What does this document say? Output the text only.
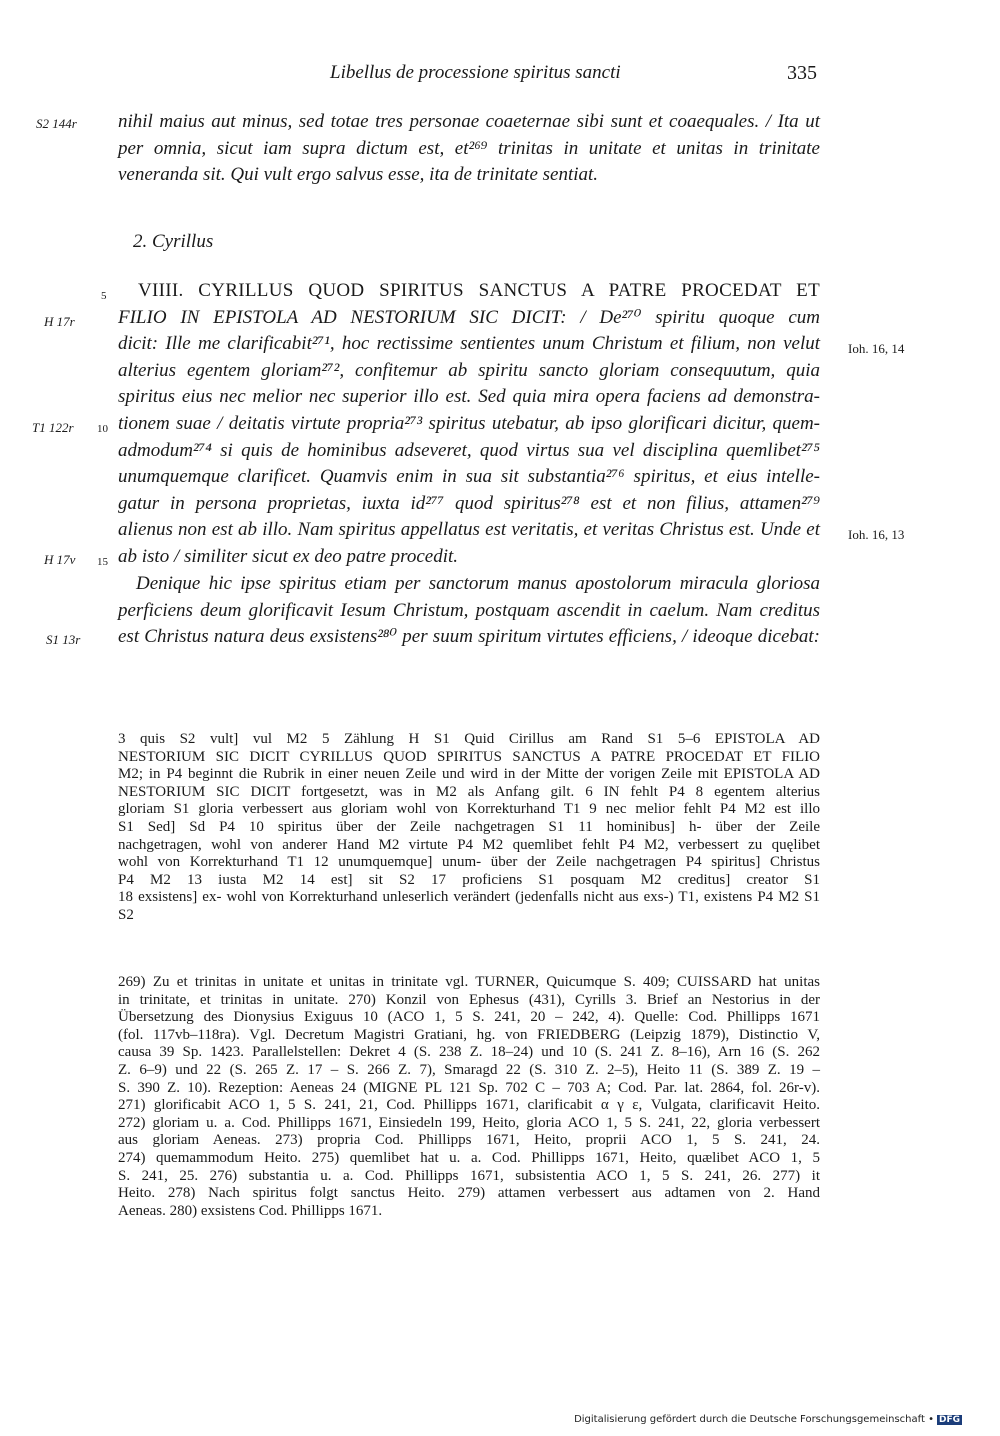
Libellus de processione spiritus sancti	335
S2 144r
H 17r
T1 122r
H 17v
S1 13r
5
10
15
Ioh. 16, 14
Ioh. 16, 13
nihil maius aut minus, sed totae tres personae coaeternae sibi sunt et coaequales. / Ita ut
per omnia, sicut iam supra dictum est, et²⁶⁹ trinitas in unitate et unitas in trinitate
veneranda sit. Qui vult ergo salvus esse, ita de trinitate sentiat.
2. Cyrillus
VIIII. CYRILLUS QUOD SPIRITUS SANCTUS A PATRE PROCEDAT ET
FILIO IN EPISTOLA AD NESTORIUM SIC DICIT: / De²⁷⁰ spiritu quoque cum
dicit: Ille me clarificabit²⁷¹, hoc rectissime sentientes unum Christum et filium, non velut
alterius egentem gloriam²⁷², confitemur ab spiritu sancto gloriam consequutum, quia
spiritus eius nec melior nec superior illo est. Sed quia mira opera faciens ad demonstra-
tionem suae / deitatis virtute propria²⁷³ spiritus utebatur, ab ipso glorificari dicitur, quem-
admodum²⁷⁴ si quis de hominibus adseveret, quod virtus sua vel disciplina quemlibet²⁷⁵
unumquemque clarificet. Quamvis enim in sua sit substantia²⁷⁶ spiritus, et eius intelle-
gatur in persona proprietas, iuxta id²⁷⁷ quod spiritus²⁷⁸ est et non filius, attamen²⁷⁹
alienus non est ab illo. Nam spiritus appellatus est veritatis, et veritas Christus est. Unde et
ab isto / similiter sicut ex deo patre procedit.
Denique hic ipse spiritus etiam per sanctorum manus apostolorum miracula gloriosa
perficiens deum glorificavit Iesum Christum, postquam ascendit in caelum. Nam creditus
est Christus natura deus exsistens²⁸⁰ per suum spiritum virtutes efficiens, / ideoque dicebat:
3 quis S2 vult] vul M2 5 Zählung H S1 Quid Cirillus am Rand S1 5–6 EPISTOLA AD
NESTORIUM SIC DICIT CYRILLUS QUOD SPIRITUS SANCTUS A PATRE PROCEDAT ET FILIO
M2; in P4 beginnt die Rubrik in einer neuen Zeile und wird in der Mitte der vorigen Zeile mit EPISTOLA AD
NESTORIUM SIC DICIT fortgesetzt, was in M2 als Anfang gilt. 6 IN fehlt P4 8 egentem alterius
gloriam S1 gloria verbessert aus gloriam wohl von Korrekturhand T1 9 nec melior fehlt P4 M2 est illo
S1 Sed] Sd P4 10 spiritus über der Zeile nachgetragen S1 11 hominibus] h- über der Zeile
nachgetragen, wohl von anderer Hand M2 virtute P4 M2 quemlibet fehlt P4 M2, verbessert zu quęlibet
wohl von Korrekturhand T1 12 unumquemque] unum- über der Zeile nachgetragen P4 spiritus] Christus
P4 M2 13 iusta M2 14 est] sit S2 17 proficiens S1 posquam M2 creditus] creator S1
18 exsistens] ex- wohl von Korrekturhand unleserlich verändert (jedenfalls nicht aus exs-) T1, existens P4 M2 S1
S2
269) Zu et trinitas in unitate et unitas in trinitate vgl. TURNER, Quicumque S. 409; CUISSARD hat unitas
in trinitate, et trinitas in unitate. 270) Konzil von Ephesus (431), Cyrills 3. Brief an Nestorius in der
Übersetzung des Dionysius Exiguus 10 (ACO 1, 5 S. 241, 20 – 242, 4). Quelle: Cod. Phillipps 1671
(fol. 117vb–118ra). Vgl. Decretum Magistri Gratiani, hg. von FRIEDBERG (Leipzig 1879), Distinctio V,
causa 39 Sp. 1423. Parallelstellen: Dekret 4 (S. 238 Z. 18–24) und 10 (S. 241 Z. 8–16), Arn 16 (S. 262
Z. 6–9) und 22 (S. 265 Z. 17 – S. 266 Z. 7), Smaragd 22 (S. 310 Z. 2–5), Heito 11 (S. 389 Z. 19 –
S. 390 Z. 10). Rezeption: Aeneas 24 (MIGNE PL 121 Sp. 702 C – 703 A; Cod. Par. lat. 2864, fol. 26r-v).
271) glorificabit ACO 1, 5 S. 241, 21, Cod. Phillipps 1671, clarificabit α γ ε, Vulgata, clarificavit Heito.
272) gloriam u. a. Cod. Phillipps 1671, Einsiedeln 199, Heito, gloria ACO 1, 5 S. 241, 22, gloria verbessert
aus gloriam Aeneas. 273) propria Cod. Phillipps 1671, Heito, proprii ACO 1, 5 S. 241, 24.
274) quemammodum Heito. 275) quemlibet hat u. a. Cod. Phillipps 1671, Heito, quælibet ACO 1, 5
S. 241, 25. 276) substantia u. a. Cod. Phillipps 1671, subsistentia ACO 1, 5 S. 241, 26. 277) it
Heito. 278) Nach spiritus folgt sanctus Heito. 279) attamen verbessert aus adtamen von 2. Hand
Aeneas. 280) exsistens Cod. Phillipps 1671.
Digitalisierung gefördert durch die Deutsche Forschungsgemeinschaft • DFG
